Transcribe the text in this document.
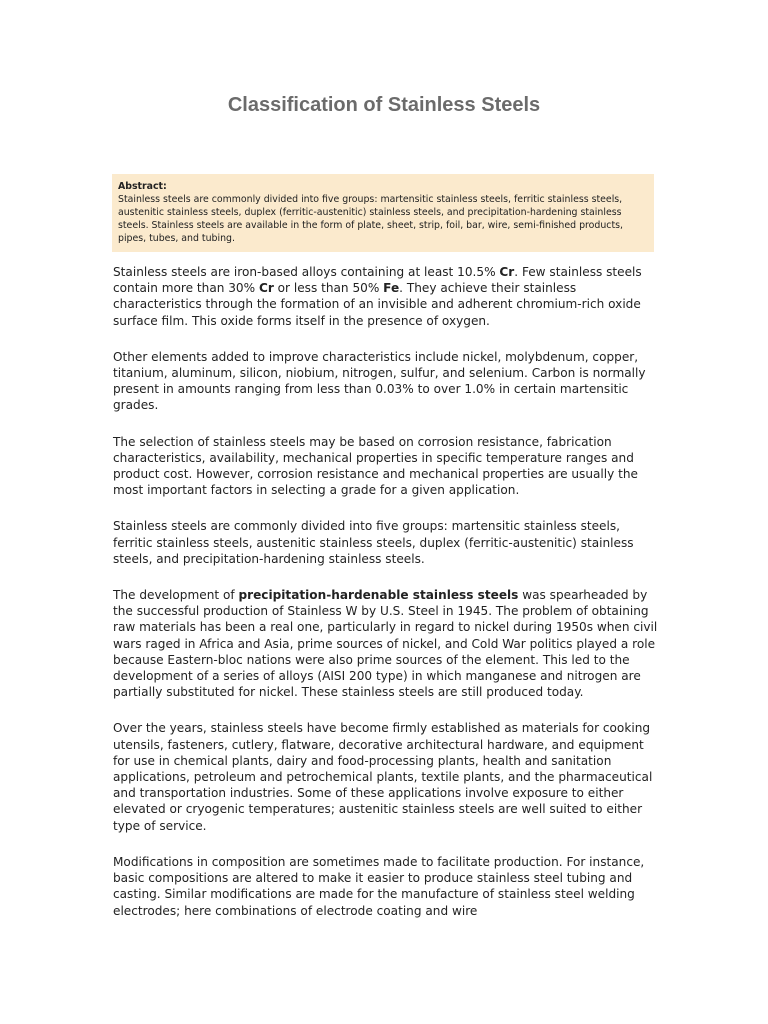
Classification of Stainless Steels
Abstract:
Stainless steels are commonly divided into five groups: martensitic stainless steels, ferritic stainless steels, austenitic stainless steels, duplex (ferritic-austenitic) stainless steels, and precipitation-hardening stainless steels. Stainless steels are available in the form of plate, sheet, strip, foil, bar, wire, semi-finished products, pipes, tubes, and tubing.

Stainless steels are iron-based alloys containing at least 10.5% Cr. Few stainless steels contain more than 30% Cr or less than 50% Fe. They achieve their stainless characteristics through the formation of an invisible and adherent chromium-rich oxide surface film. This oxide forms itself in the presence of oxygen.

Other elements added to improve characteristics include nickel, molybdenum, copper, titanium, aluminum, silicon, niobium, nitrogen, sulfur, and selenium. Carbon is normally present in amounts ranging from less than 0.03% to over 1.0% in certain martensitic grades.

The selection of stainless steels may be based on corrosion resistance, fabrication characteristics, availability, mechanical properties in specific temperature ranges and product cost. However, corrosion resistance and mechanical properties are usually the most important factors in selecting a grade for a given application.

Stainless steels are commonly divided into five groups: martensitic stainless steels, ferritic stainless steels, austenitic stainless steels, duplex (ferritic-austenitic) stainless steels, and precipitation-hardening stainless steels.

The development of precipitation-hardenable stainless steels was spearheaded by the successful production of Stainless W by U.S. Steel in 1945. The problem of obtaining raw materials has been a real one, particularly in regard to nickel during 1950s when civil wars raged in Africa and Asia, prime sources of nickel, and Cold War politics played a role because Eastern-bloc nations were also prime sources of the element. This led to the development of a series of alloys (AISI 200 type) in which manganese and nitrogen are partially substituted for nickel. These stainless steels are still produced today.

Over the years, stainless steels have become firmly established as materials for cooking utensils, fasteners, cutlery, flatware, decorative architectural hardware, and equipment for use in chemical plants, dairy and food-processing plants, health and sanitation applications, petroleum and petrochemical plants, textile plants, and the pharmaceutical and transportation industries. Some of these applications involve exposure to either elevated or cryogenic temperatures; austenitic stainless steels are well suited to either type of service.

Modifications in composition are sometimes made to facilitate production. For instance, basic compositions are altered to make it easier to produce stainless steel tubing and casting. Similar modifications are made for the manufacture of stainless steel welding electrodes; here combinations of electrode coating and wire
